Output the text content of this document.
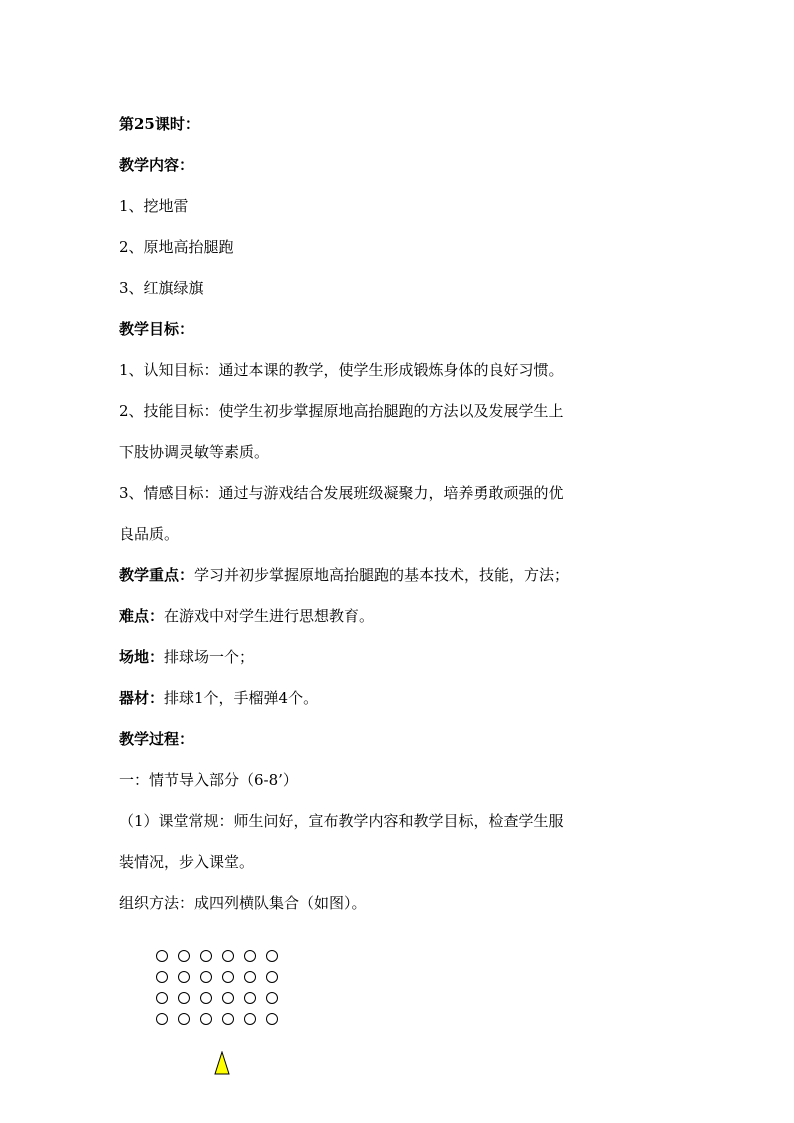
第25课时：
教学内容：
1、挖地雷
2、原地高抬腿跑
3、红旗绿旗
教学目标：
1、认知目标：通过本课的教学，使学生形成锻炼身体的良好习惯。
2、技能目标：使学生初步掌握原地高抬腿跑的方法以及发展学生上
下肢协调灵敏等素质。
3、情感目标：通过与游戏结合发展班级凝聚力，培养勇敢顽强的优
良品质。
教学重点：学习并初步掌握原地高抬腿跑的基本技术，技能，方法；
难点：在游戏中对学生进行思想教育。
场地：排球场一个；
器材：排球1个，手榴弹4个。
教学过程：
一：情节导入部分（6-8’）
（1）课堂常规：师生问好，宣布教学内容和教学目标，检查学生服
装情况，步入课堂。
组织方法：成四列横队集合（如图）。
